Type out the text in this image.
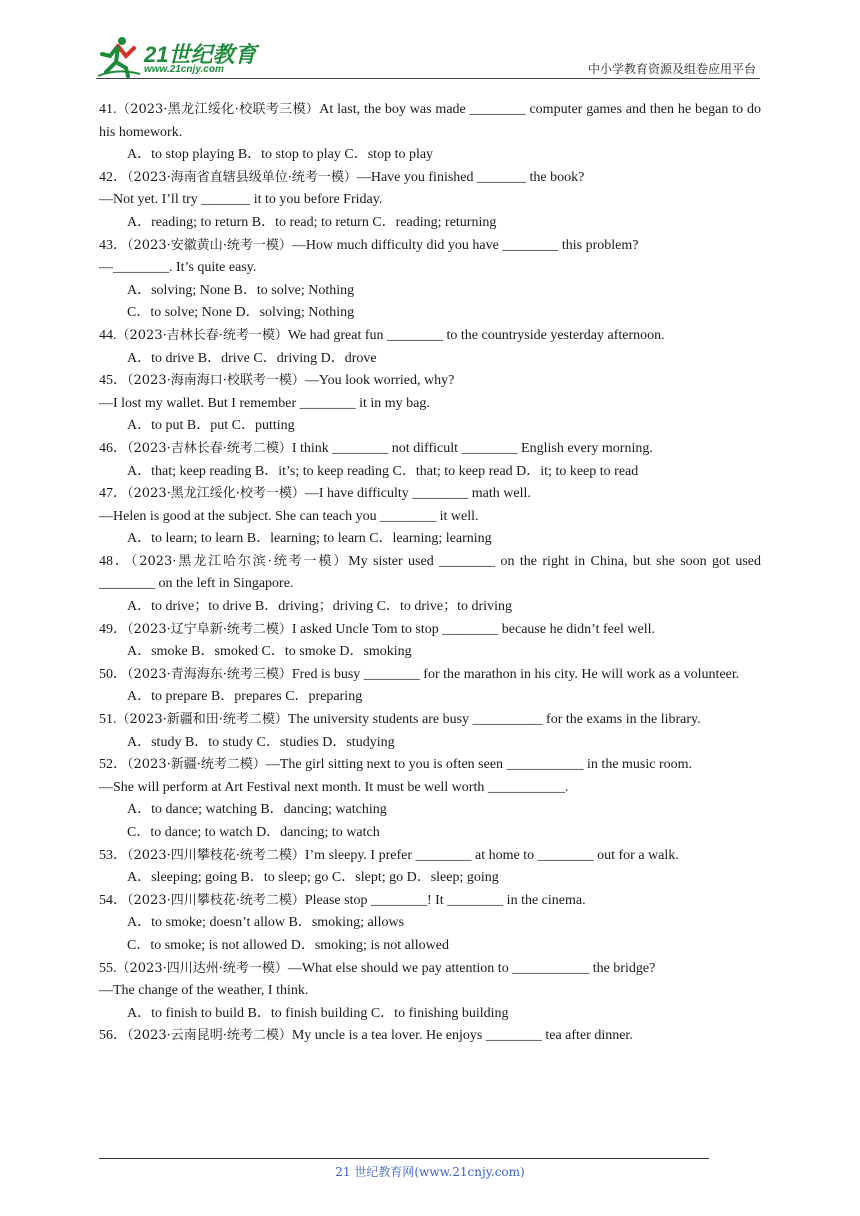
21世纪教育
www.21cnjy.com	中小学教育资源及组卷应用平台

41.（2023·黑龙江绥化·校联考三模）At last, the boy was made ________ computer games and then he began to do his homework.

A．to stop playing B．to stop to play C．stop to play

42．（2023·海南省直辖县级单位·统考一模）—Have you finished _______ the book?

—Not yet. I’ll try _______ it to you before Friday.

A．reading; to return B．to read; to return C．reading; returning

43．（2023·安徽黄山·统考一模）—How much difficulty did you have ________ this problem?

—________. It’s quite easy.

A．solving; None B．to solve; Nothing

C．to solve; None D．solving; Nothing

44.（2023·吉林长春·统考一模）We had great fun ________ to the countryside yesterday afternoon.

A．to drive B．drive C．driving D．drove

45．（2023·海南海口·校联考一模）—You look worried, why?

—I lost my wallet. But I remember ________ it in my bag.

A．to put B．put C．putting

46．（2023·吉林长春·统考二模）I think ________ not difficult ________ English every morning.

A．that; keep reading B．it’s; to keep reading C．that; to keep read D．it; to keep to read

47．（2023·黑龙江绥化·校考一模）—I have difficulty ________ math well.

—Helen is good at the subject. She can teach you ________ it well.

A．to learn; to learn B．learning; to learn C．learning; learning

48．（2023·黑龙江哈尔滨·统考一模）My sister used ________ on the right in China, but she soon got used ________ on the left in Singapore.

A．to drive；to drive B．driving；driving C．to drive；to driving

49．（2023·辽宁阜新·统考二模）I asked Uncle Tom to stop ________ because he didn’t feel well.

A．smoke B．smoked C．to smoke D．smoking

50．（2023·青海海东·统考三模）Fred is busy ________ for the marathon in his city. He will work as a volunteer.

A．to prepare B．prepares C．preparing

51.（2023·新疆和田·统考二模）The university students are busy __________ for the exams in the library.

A．study B．to study C．studies D．studying

52．（2023·新疆·统考二模）—The girl sitting next to you is often seen ___________ in the music room.

—She will perform at Art Festival next month. It must be well worth ___________.

A．to dance; watching B．dancing; watching

C．to dance; to watch D．dancing; to watch

53．（2023·四川攀枝花·统考二模）I’m sleepy. I prefer ________ at home to ________ out for a walk.

A．sleeping; going B．to sleep; go C．slept; go D．sleep; going

54．（2023·四川攀枝花·统考二模）Please stop ________! It ________ in the cinema.

A．to smoke; doesn’t allow B．smoking; allows

C．to smoke; is not allowed D．smoking; is not allowed

55.（2023·四川达州·统考一模）—What else should we pay attention to ___________ the bridge?

—The change of the weather, I think.

A．to finish to build B．to finish building C．to finishing building

56．（2023·云南昆明·统考二模）My uncle is a tea lover. He enjoys ________ tea after dinner.

21 世纪教育网(www.21cnjy.com)
